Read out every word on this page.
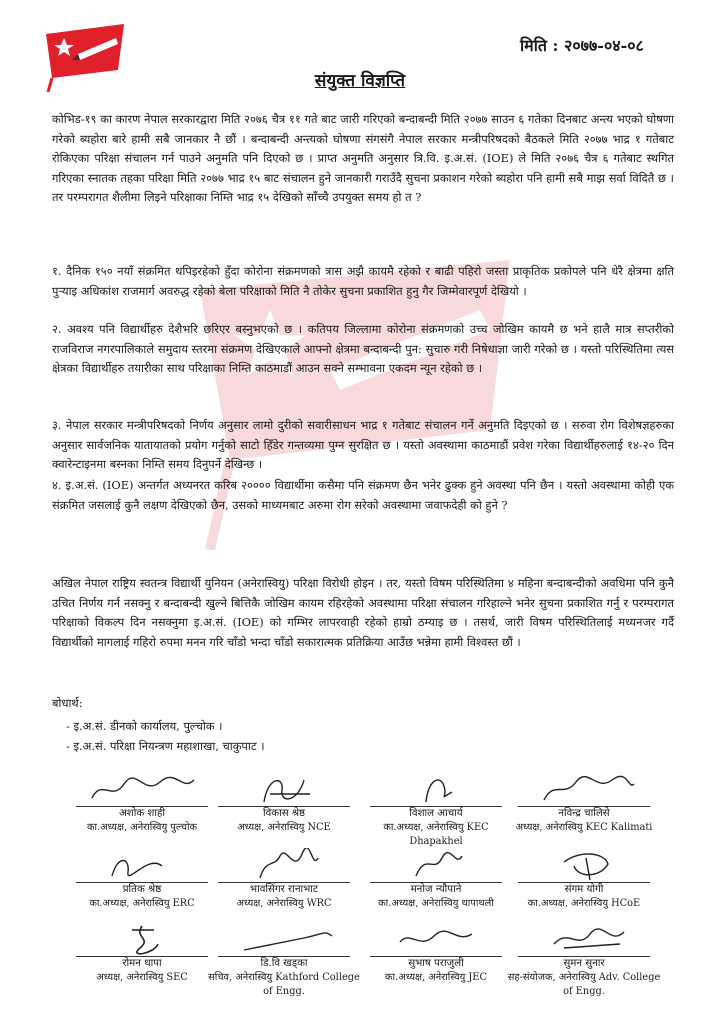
मिति : २०७७-०४-०८
संयुक्त विज्ञप्ति

कोभिड-१९ का कारण नेपाल सरकारद्वारा मिति २०७६ चैत्र ११ गते बाट जारी गरिएको बन्दाबन्दी मिति २०७७ साउन ६ गतेका दिनबाट अन्त्य भएको घोषणा गरेको ब्यहोरा बारे हामी सबै जानकार नै छौं । बन्दाबन्दी अन्त्यको घोषणा संगसंगै नेपाल सरकार मन्त्रीपरिषदको बैठकले मिति २०७७ भाद्र १ गतेबाट रोकिएका परिक्षा संचालन गर्न पाउने अनुमति पनि दिएको छ । प्राप्त अनुमति अनुसार त्रि.वि. इ.अ.सं. (IOE) ले मिति २०७६ चैत्र ६ गतेबाट स्थगित गरिएका स्नातक तहका परिक्षा मिति २०७७ भाद्र १५ बाट संचालन हुने जानकारी गराउँदै सुचना प्रकाशन गरेको ब्यहोरा पनि हामी सबै माझ सर्वा विदितै छ । तर परम्परागत शैलीमा लिइने परिक्षाका निम्ति भाद्र १५ देखिको साँच्चै उपयुक्त समय हो त ?

१. दैनिक १५० नयाँ संक्रमित थपिइरहेको हुँदा कोरोना संक्रमणको त्रास अझै कायमै रहेको र बाढी पहिरो जस्ता प्राकृतिक प्रकोपले पनि धेरै क्षेत्रमा क्षति पुऱ्याइ अधिकांश राजमार्ग अवरुद्ध रहेको बेला परिक्षाको मिति नै तोकेर सुचना प्रकाशित हुनु गैर जिम्मेवारपूर्ण देखियो ।

२. अवश्य पनि विद्यार्थीहरु देशैभरि छरिएर बस्नुभएको छ । कतिपय जिल्लामा कोरोना संक्रमणको उच्च जोखिम कायमै छ भने हालै मात्र सप्तरीको राजविराज नगरपालिकाले समुदाय स्तरमा संक्रमण देखिएकाले आफ्नो क्षेत्रमा बन्दाबन्दी पुन: सुचारु गरी निषेधाज्ञा जारी गरेको छ । यस्तो परिस्थितिमा त्यस क्षेत्रका विद्यार्थीहरु तयारीका साथ परिक्षाका निम्ति काठमाडौं आउन सक्ने सम्भावना एकदम न्यून रहेको छ ।

३. नेपाल सरकार मन्त्रीपरिषदको निर्णय अनुसार लामो दुरीको सवारीसाधन भाद्र १ गतेबाट संचालन गर्ने अनुमति दिइएको छ । सरुवा रोग विशेषज्ञहरुका अनुसार सार्वजनिक यातायातको प्रयोग गर्नुको साटो हिँडेर गन्तव्यमा पुग्न सुरक्षित छ । यस्तो अवस्थामा काठमाडौं प्रवेश गरेका विद्यार्थीहरुलाई १४-२० दिन क्वारेन्टाइनमा बस्नका निम्ति समय दिनुपर्ने देखिन्छ ।

४. इ.अ.सं. (IOE) अन्तर्गत अध्यनरत करिब २०००० विद्यार्थीमा कसैमा पनि संक्रमण छैन भनेर ढुक्क हुने अवस्था पनि छैन । यस्तो अवस्थामा कोही एक संक्रमित जसलाई कुनै लक्षण देखिएको छैन, उसको माध्यमबाट अरुमा रोग सरेको अवस्थामा जवाफदेही को हुने ?

अखिल नेपाल राष्ट्रिय स्वतन्त्र विद्यार्थी युनियन (अनेरास्वियु) परिक्षा विरोधी होइन । तर, यस्तो विषम परिस्थितिमा ४ महिना बन्दाबन्दीको अवधिमा पनि कुनै उचित निर्णय गर्न नसक्नु र बन्दाबन्दी खुल्ने बित्तिकै जोखिम कायम रहिरहेको अवस्थामा परिक्षा संचालन गरिहाल्ने भनेर सुचना प्रकाशित गर्नु र परम्परागत परिक्षाको विकल्प दिन नसक्नुमा इ.अ.सं. (IOE) को गम्भिर लापरवाही रहेको हाम्रो ठम्याइ छ । तसर्थ, जारी विषम परिस्थितिलाई मध्यनजर गर्दै विद्यार्थीको मागलाई गहिरो रुपमा मनन गरि चाँडो भन्दा चाँडो सकारात्मक प्रतिक्रिया आउँछ भन्नेमा हामी विश्वस्त छौं ।

बोधार्थ:
- इ.अ.सं. डीनको कार्यालय, पुल्चोक ।
- इ.अ.सं. परिक्षा नियन्त्रण महाशाखा, चाकुपाट ।
अशोक शाही
का.अध्यक्ष, अनेरास्वियु पुल्चोक
विकास श्रेष्ठ
अध्यक्ष, अनेरास्वियु NCE
विशाल आचार्य
का.अध्यक्ष, अनेरास्वियु KEC Dhapakhel
नविन्द्र चालिसे
अध्यक्ष, अनेरास्वियु KEC Kalimati
प्रतिक श्रेष्ठ
का.अध्यक्ष, अनेरास्वियु ERC
भावसिंगर रानाभाट
अध्यक्ष, अनेरास्वियु WRC
मनोज न्यौपाने
का.अध्यक्ष, अनेरास्वियु थापाथली
संगम योगी
का.अध्यक्ष, अनेरास्वियु HCoE
रोमन थापा
अध्यक्ष, अनेरास्वियु SEC
डि.वि खड्का
सचिव, अनेरास्वियु Kathford College of Engg.
सुभाष पराजुली
का.अध्यक्ष, अनेरास्वियु JEC
सुमन सुनार
सह-संयोजक, अनेरास्वियु Adv. College of Engg.
